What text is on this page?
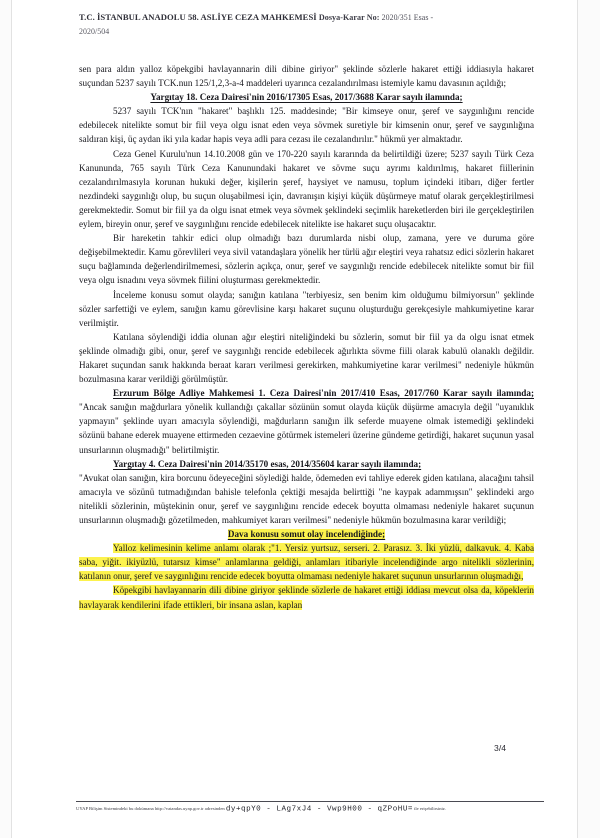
T.C. İSTANBUL ANADOLU 58. ASLİYE CEZA MAHKEMESİ Dosya-Karar No: 2020/351 Esas -
2020/504

sen para aldın yalloz köpekgibi havlayannarin dili dibine giriyor" şeklinde sözlerle hakaret ettiği iddiasıyla hakaret suçundan 5237 sayılı TCK.nun 125/1,2,3-a-4 maddeleri uyarınca cezalandırılması istemiyle kamu davasının açıldığı;

Yargıtay 18. Ceza Dairesi'nin 2016/17305 Esas, 2017/3688 Karar sayılı ilamında;

5237 sayılı TCK'nın "hakaret" başlıklı 125. maddesinde; "Bir kimseye onur, şeref ve saygınlığını rencide edebilecek nitelikte somut bir fiil veya olgu isnat eden veya sövmek suretiyle bir kimsenin onur, şeref ve saygınlığına saldıran kişi, üç aydan iki yıla kadar hapis veya adli para cezası ile cezalandırılır." hükmü yer almaktadır.

Ceza Genel Kurulu'nun 14.10.2008 gün ve 170-220 sayılı kararında da belirtildiği üzere; 5237 sayılı Türk Ceza Kanununda, 765 sayılı Türk Ceza Kanunundaki hakaret ve sövme suçu ayrımı kaldırılmış, hakaret fiillerinin cezalandırılmasıyla korunan hukuki değer, kişilerin şeref, haysiyet ve namusu, toplum içindeki itibarı, diğer fertler nezdindeki saygınlığı olup, bu suçun oluşabilmesi için, davranışın kişiyi küçük düşürmeye matuf olarak gerçekleştirilmesi gerekmektedir. Somut bir fiil ya da olgu isnat etmek veya sövmek şeklindeki seçimlik hareketlerden biri ile gerçekleştirilen eylem, bireyin onur, şeref ve saygınlığını rencide edebilecek nitelikte ise hakaret suçu oluşacaktır.

Bir hareketin tahkir edici olup olmadığı bazı durumlarda nisbi olup, zamana, yere ve duruma göre değişebilmektedir. Kamu görevlileri veya sivil vatandaşlara yönelik her türlü ağır eleştiri veya rahatsız edici sözlerin hakaret suçu bağlamında değerlendirilmemesi, sözlerin açıkça, onur, şeref ve saygınlığı rencide edebilecek nitelikte somut bir fiil veya olgu isnadını veya sövmek fiilini oluşturması gerekmektedir.

İnceleme konusu somut olayda; sanığın katılana "terbiyesiz, sen benim kim olduğumu bilmiyorsun" şeklinde sözler sarfettiği ve eylem, sanığın kamu görevlisine karşı hakaret suçunu oluşturduğu gerekçesiyle mahkumiyetine karar verilmiştir.

Katılana söylendiği iddia olunan ağır eleştiri niteliğindeki bu sözlerin, somut bir fiil ya da olgu isnat etmek şeklinde olmadığı gibi, onur, şeref ve saygınlığı rencide edebilecek ağırlıkta sövme fiili olarak kabulü olanaklı değildir. Hakaret suçundan sanık hakkında beraat kararı verilmesi gerekirken, mahkumiyetine karar verilmesi" nedeniyle hükmün bozulmasına karar verildiği görülmüştür.

Erzurum Bölge Adliye Mahkemesi 1. Ceza Dairesi'nin 2017/410 Esas, 2017/760 Karar sayılı ilamında; "Ancak sanığın mağdurlara yönelik kullandığı çakallar sözünün somut olayda küçük düşürme amacıyla değil "uyanıklık yapmayın" şeklinde uyarı amacıyla söylendiği, mağdurların sanığın ilk seferde muayene olmak istemediği şeklindeki sözünü bahane ederek muayene ettirmeden cezaevine götürmek istemeleri üzerine gündeme getirdiği, hakaret suçunun yasal unsurlarının oluşmadığı" belirtilmiştir.

Yargıtay 4. Ceza Dairesi'nin 2014/35170 esas, 2014/35604 karar sayılı ilamında;

"Avukat olan sanığın, kira borcunu ödeyeceğini söylediği halde, ödemeden evi tahliye ederek giden katılana, alacağını tahsil amacıyla ve sözünü tutmadığından bahisle telefonla çektiği mesajda belirttiği "ne kaypak adammışsın" şeklindeki argo nitelikli sözlerinin, müştekinin onur, şeref ve saygınlığını rencide edecek boyutta olmaması nedeniyle hakaret suçunun unsurlarının oluşmadığı gözetilmeden, mahkumiyet kararı verilmesi" nedeniyle hükmün bozulmasına karar verildiği;

Dava konusu somut olay incelendiğinde;

Yalloz kelimesinin kelime anlamı olarak ;"1. Yersiz yurtsuz, serseri. 2. Parasız. 3. İki yüzlü, dalkavuk. 4. Kaba saba, yiğit. ikiyüzlü, tutarsız kimse" anlamlarına geldiği, anlamları itibariyle incelendiğinde argo nitelikli sözlerinin, katılanın onur, şeref ve saygınlığını rencide edecek boyutta olmaması nedeniyle hakaret suçunun unsurlarının oluşmadığı,

Köpekgibi havlayannarin dili dibine giriyor şeklinde sözlerle de hakaret ettiği iddiası mevcut olsa da, köpeklerin havlayarak kendilerini ifade ettikleri, bir insana aslan, kaplan

3/4
UYAP Bilişim Sistemindeki bu dokümana http://vatandas.uyap.gov.tr adresinden dy+qpY0 - LAg7xJ4 - Vwp9H00 - qZPoHU= ile erişebilirsiniz.
